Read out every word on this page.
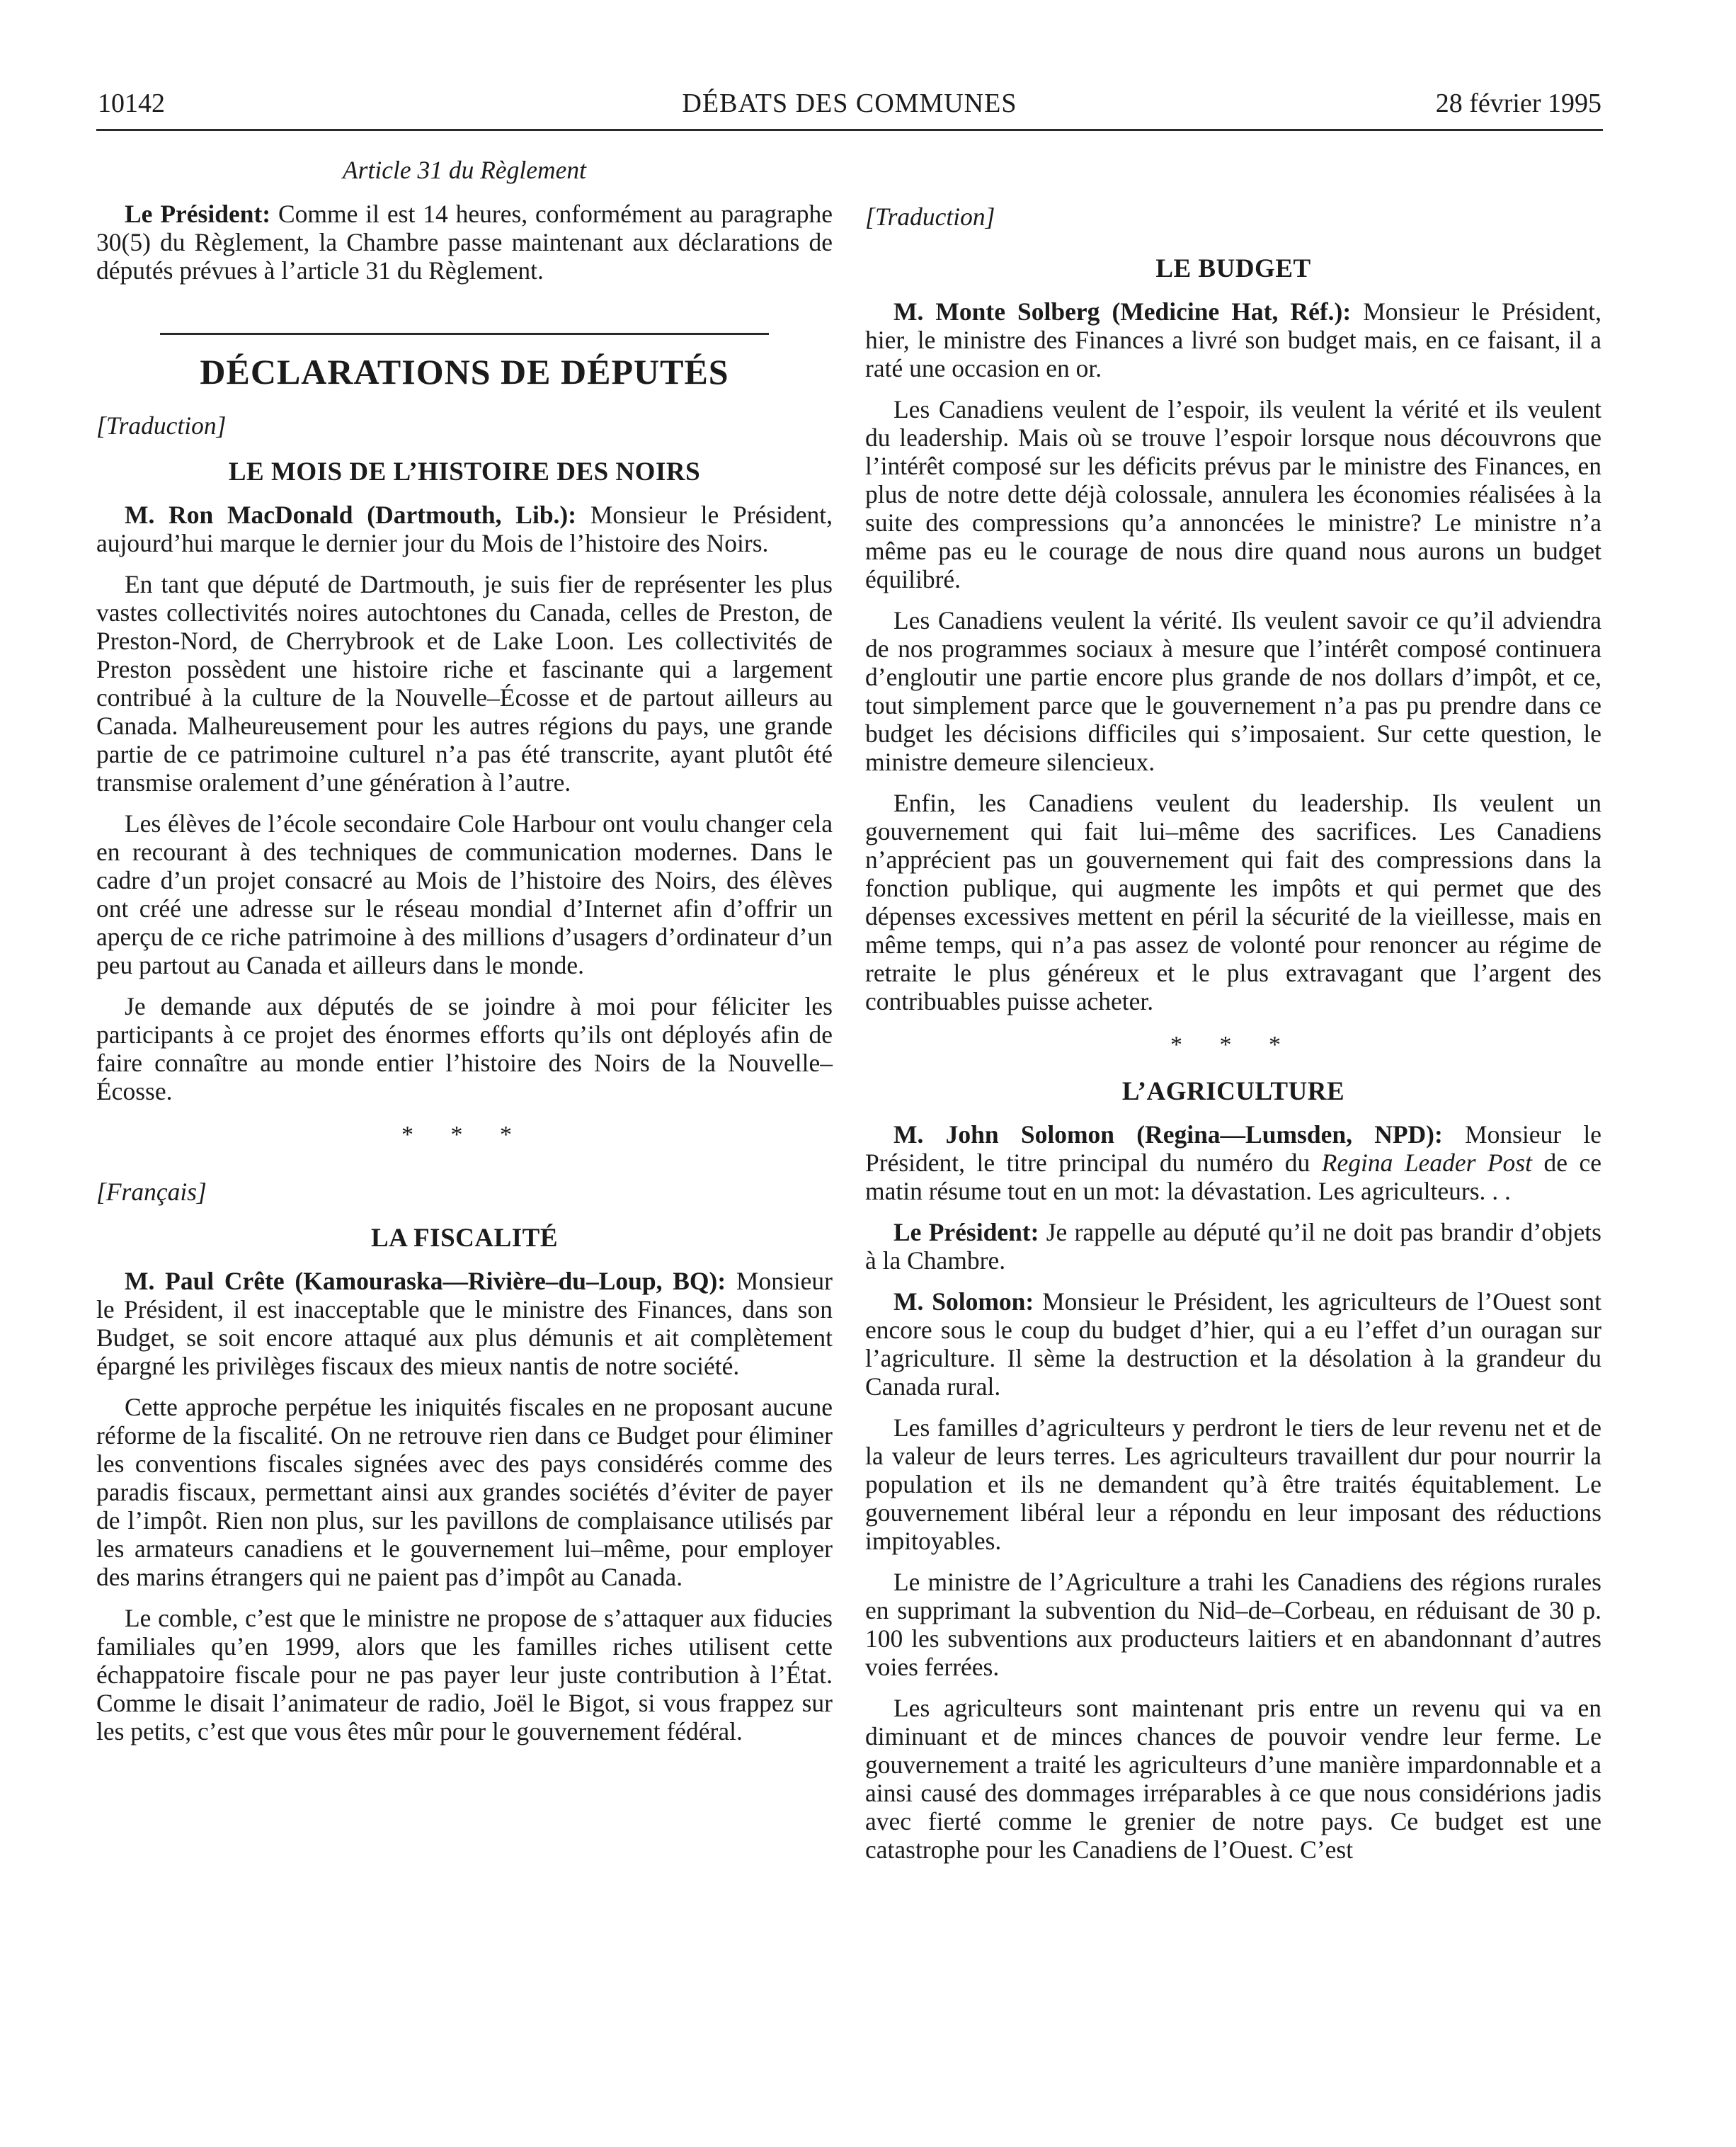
10142	DÉBATS DES COMMUNES	28 février 1995

Article 31 du Règlement

Le Président: Comme il est 14 heures, conformément au paragraphe 30(5) du Règlement, la Chambre passe maintenant aux déclarations de députés prévues à l’article 31 du Règlement.

DÉCLARATIONS DE DÉPUTÉS

[Traduction]

LE MOIS DE L’HISTOIRE DES NOIRS

M. Ron MacDonald (Dartmouth, Lib.): Monsieur le Président, aujourd’hui marque le dernier jour du Mois de l’histoire des Noirs.

En tant que député de Dartmouth, je suis fier de représenter les plus vastes collectivités noires autochtones du Canada, celles de Preston, de Preston-Nord, de Cherrybrook et de Lake Loon. Les collectivités de Preston possèdent une histoire riche et fascinante qui a largement contribué à la culture de la Nouvelle–Écosse et de partout ailleurs au Canada. Malheureusement pour les autres régions du pays, une grande partie de ce patrimoine culturel n’a pas été transcrite, ayant plutôt été transmise oralement d’une génération à l’autre.

Les élèves de l’école secondaire Cole Harbour ont voulu changer cela en recourant à des techniques de communication modernes. Dans le cadre d’un projet consacré au Mois de l’histoire des Noirs, des élèves ont créé une adresse sur le réseau mondial d’Internet afin d’offrir un aperçu de ce riche patrimoine à des millions d’usagers d’ordinateur d’un peu partout au Canada et ailleurs dans le monde.

Je demande aux députés de se joindre à moi pour féliciter les participants à ce projet des énormes efforts qu’ils ont déployés afin de faire connaître au monde entier l’histoire des Noirs de la Nouvelle–Écosse.

* * *

[Français]

LA FISCALITÉ

M. Paul Crête (Kamouraska—Rivière–du–Loup, BQ): Monsieur le Président, il est inacceptable que le ministre des Finances, dans son Budget, se soit encore attaqué aux plus démunis et ait complètement épargné les privilèges fiscaux des mieux nantis de notre société.

Cette approche perpétue les iniquités fiscales en ne proposant aucune réforme de la fiscalité. On ne retrouve rien dans ce Budget pour éliminer les conventions fiscales signées avec des pays considérés comme des paradis fiscaux, permettant ainsi aux grandes sociétés d’éviter de payer de l’impôt. Rien non plus, sur les pavillons de complaisance utilisés par les armateurs canadiens et le gouvernement lui–même, pour employer des marins étrangers qui ne paient pas d’impôt au Canada.

Le comble, c’est que le ministre ne propose de s’attaquer aux fiducies familiales qu’en 1999, alors que les familles riches utilisent cette échappatoire fiscale pour ne pas payer leur juste contribution à l’État. Comme le disait l’animateur de radio, Joël le Bigot, si vous frappez sur les petits, c’est que vous êtes mûr pour le gouvernement fédéral.

[Traduction]

LE BUDGET

M. Monte Solberg (Medicine Hat, Réf.): Monsieur le Président, hier, le ministre des Finances a livré son budget mais, en ce faisant, il a raté une occasion en or.

Les Canadiens veulent de l’espoir, ils veulent la vérité et ils veulent du leadership. Mais où se trouve l’espoir lorsque nous découvrons que l’intérêt composé sur les déficits prévus par le ministre des Finances, en plus de notre dette déjà colossale, annulera les économies réalisées à la suite des compressions qu’a annoncées le ministre? Le ministre n’a même pas eu le courage de nous dire quand nous aurons un budget équilibré.

Les Canadiens veulent la vérité. Ils veulent savoir ce qu’il adviendra de nos programmes sociaux à mesure que l’intérêt composé continuera d’engloutir une partie encore plus grande de nos dollars d’impôt, et ce, tout simplement parce que le gouvernement n’a pas pu prendre dans ce budget les décisions difficiles qui s’imposaient. Sur cette question, le ministre demeure silencieux.

Enfin, les Canadiens veulent du leadership. Ils veulent un gouvernement qui fait lui–même des sacrifices. Les Canadiens n’apprécient pas un gouvernement qui fait des compressions dans la fonction publique, qui augmente les impôts et qui permet que des dépenses excessives mettent en péril la sécurité de la vieillesse, mais en même temps, qui n’a pas assez de volonté pour renoncer au régime de retraite le plus généreux et le plus extravagant que l’argent des contribuables puisse acheter.

* * *

L’AGRICULTURE

M. John Solomon (Regina—Lumsden, NPD): Monsieur le Président, le titre principal du numéro du Regina Leader Post de ce matin résume tout en un mot: la dévastation. Les agriculteurs. . .

Le Président: Je rappelle au député qu’il ne doit pas brandir d’objets à la Chambre.

M. Solomon: Monsieur le Président, les agriculteurs de l’Ouest sont encore sous le coup du budget d’hier, qui a eu l’effet d’un ouragan sur l’agriculture. Il sème la destruction et la désolation à la grandeur du Canada rural.

Les familles d’agriculteurs y perdront le tiers de leur revenu net et de la valeur de leurs terres. Les agriculteurs travaillent dur pour nourrir la population et ils ne demandent qu’à être traités équitablement. Le gouvernement libéral leur a répondu en leur imposant des réductions impitoyables.

Le ministre de l’Agriculture a trahi les Canadiens des régions rurales en supprimant la subvention du Nid–de–Corbeau, en réduisant de 30 p. 100 les subventions aux producteurs laitiers et en abandonnant d’autres voies ferrées.

Les agriculteurs sont maintenant pris entre un revenu qui va en diminuant et de minces chances de pouvoir vendre leur ferme. Le gouvernement a traité les agriculteurs d’une manière impardonnable et a ainsi causé des dommages irréparables à ce que nous considérions jadis avec fierté comme le grenier de notre pays. Ce budget est une catastrophe pour les Canadiens de l’Ouest. C’est
